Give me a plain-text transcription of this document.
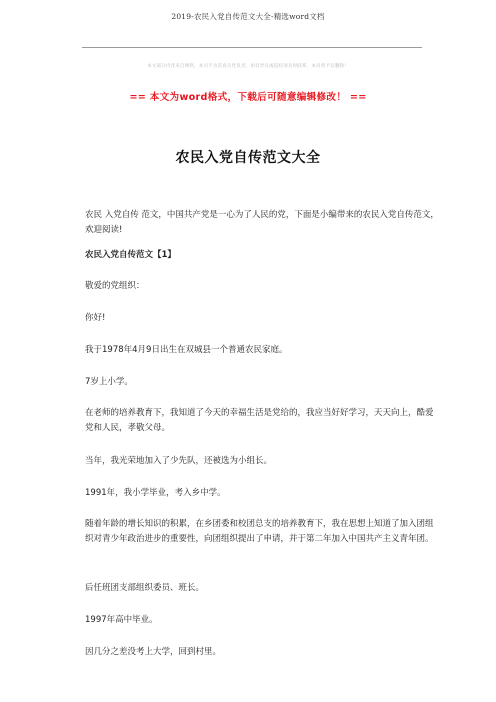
2019-农民入党自传范文大全-精选word文档
本文部分内容来自网络，本司不为其真实性负责，如有异议或侵权请及时联系，本司将予以删除！
== 本文为word格式，下载后可随意编辑修改！ ==
农民入党自传范文大全

农民 入党自传 范文，中国共产党是一心为了人民的党，下面是小编带来的农民入党自传范文，欢迎阅读!

农民入党自传范文【1】

敬爱的党组织：

你好!

我于1978年4月9日出生在双城县一个普通农民家庭。

7岁上小学。

在老师的培养教育下，我知道了今天的幸福生活是党给的，我应当好好学习，天天向上，酷爱党和人民，孝敬父母。

当年，我光荣地加入了少先队，还被选为小组长。

1991年，我小学毕业，考入乡中学。

随着年龄的增长知识的积累，在乡团委和校团总支的培养教育下，我在思想上知道了加入团组织对青少年政治进步的重要性，向团组织提出了申请，并于第二年加入中国共产主义青年团。

后任班团支部组织委员、班长。

1997年高中毕业。

因几分之差没考上大学，回到村里。
